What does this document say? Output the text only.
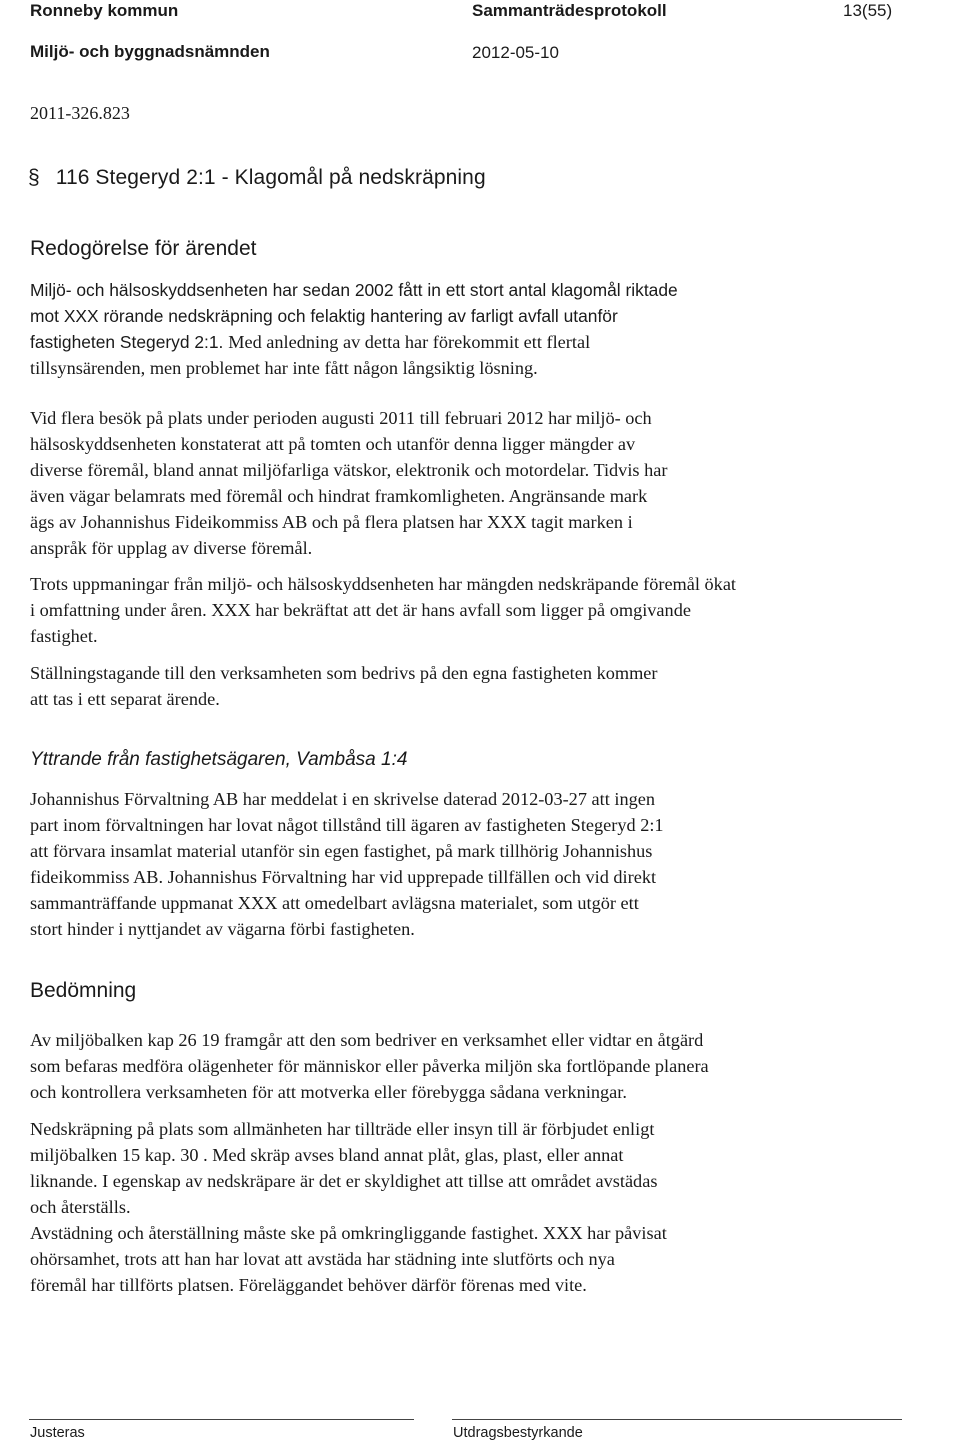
Ronneby kommun	Sammanträdesprotokoll	13(55)
Miljö- och byggnadsnämnden	2012-05-10
2011-326.823
§ 116 Stegeryd 2:1 - Klagomål på nedskräpning
Redogörelse för ärendet
Miljö- och hälsoskyddsenheten har sedan 2002 fått in ett stort antal klagomål riktade
mot XXX rörande nedskräpning och felaktig hantering av farligt avfall utanför
fastigheten Stegeryd 2:1. Med anledning av detta har förekommit ett flertal
tillsynsärenden, men problemet har inte fått någon långsiktig lösning.
Vid flera besök på plats under perioden augusti 2011 till februari 2012 har miljö- och
hälsoskyddsenheten konstaterat att på tomten och utanför denna ligger mängder av
diverse föremål, bland annat miljöfarliga vätskor, elektronik och motordelar. Tidvis har
även vägar belamrats med föremål och hindrat framkomligheten. Angränsande mark
ägs av Johannishus Fideikommiss AB och på flera platsen har XXX tagit marken i
anspråk för upplag av diverse föremål.
Trots uppmaningar från miljö- och hälsoskyddsenheten har mängden nedskräpande föremål ökat
i omfattning under åren. XXX har bekräftat att det är hans avfall som ligger på omgivande
fastighet.
Ställningstagande till den verksamheten som bedrivs på den egna fastigheten kommer
att tas i ett separat ärende.
Yttrande från fastighetsägaren, Vambåsa 1:4
Johannishus Förvaltning AB har meddelat i en skrivelse daterad 2012-03-27 att ingen
part inom förvaltningen har lovat något tillstånd till ägaren av fastigheten Stegeryd 2:1
att förvara insamlat material utanför sin egen fastighet, på mark tillhörig Johannishus
fideikommiss AB. Johannishus Förvaltning har vid upprepade tillfällen och vid direkt
sammanträffande uppmanat XXX att omedelbart avlägsna materialet, som utgör ett
stort hinder i nyttjandet av vägarna förbi fastigheten.
Bedömning
Av miljöbalken kap 26 19 framgår att den som bedriver en verksamhet eller vidtar en åtgärd
som befaras medföra olägenheter för människor eller påverka miljön ska fortlöpande planera
och kontrollera verksamheten för att motverka eller förebygga sådana verkningar.
Nedskräpning på plats som allmänheten har tillträde eller insyn till är förbjudet enligt
miljöbalken 15 kap. 30 . Med skräp avses bland annat plåt, glas, plast, eller annat
liknande. I egenskap av nedskräpare är det er skyldighet att tillse att området avstädas
och återställs.
Avstädning och återställning måste ske på omkringliggande fastighet. XXX har påvisat
ohörsamhet, trots att han har lovat att avstäda har städning inte slutförts och nya
föremål har tillförts platsen. Föreläggandet behöver därför förenas med vite.
Justeras	Utdragsbestyrkande
